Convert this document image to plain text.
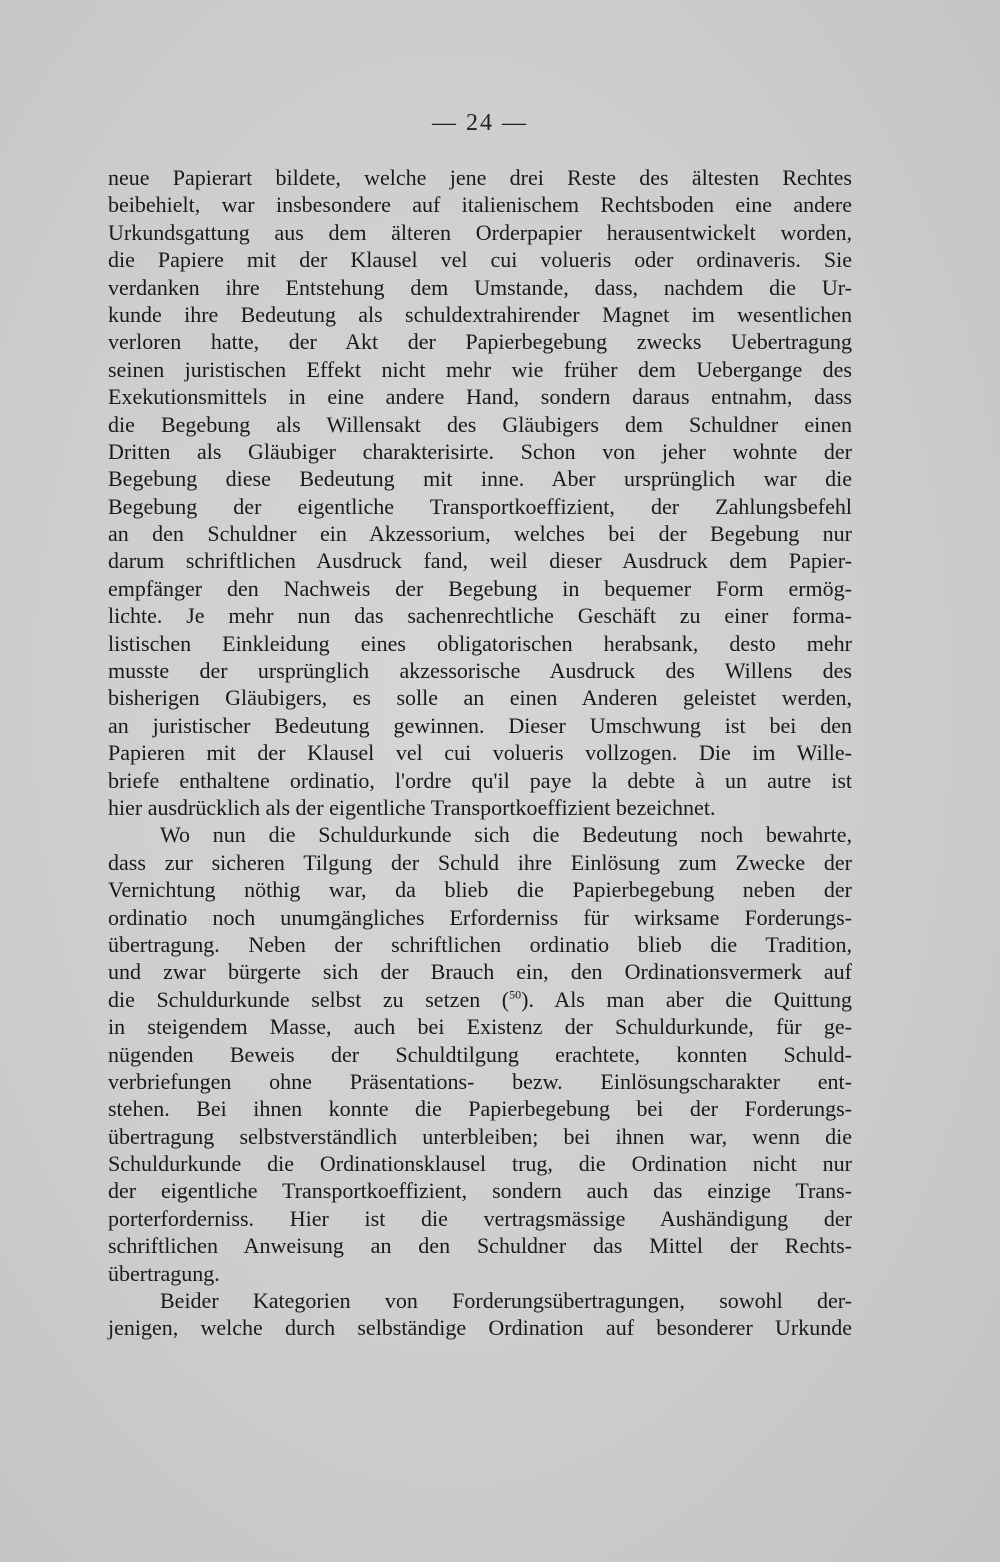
— 24 —
neue Papierart bildete, welche jene drei Reste des ältesten Rechtes
beibehielt, war insbesondere auf italienischem Rechtsboden eine andere
Urkundsgattung aus dem älteren Orderpapier herausentwickelt worden,
die Papiere mit der Klausel vel cui volueris oder ordinaveris. Sie
verdanken ihre Entstehung dem Umstande, dass, nachdem die Ur-
kunde ihre Bedeutung als schuldextrahirender Magnet im wesentlichen
verloren hatte, der Akt der Papierbegebung zwecks Uebertragung
seinen juristischen Effekt nicht mehr wie früher dem Uebergange des
Exekutionsmittels in eine andere Hand, sondern daraus entnahm, dass
die Begebung als Willensakt des Gläubigers dem Schuldner einen
Dritten als Gläubiger charakterisirte. Schon von jeher wohnte der
Begebung diese Bedeutung mit inne. Aber ursprünglich war die
Begebung der eigentliche Transportkoeffizient, der Zahlungsbefehl
an den Schuldner ein Akzessorium, welches bei der Begebung nur
darum schriftlichen Ausdruck fand, weil dieser Ausdruck dem Papier-
empfänger den Nachweis der Begebung in bequemer Form ermög-
lichte. Je mehr nun das sachenrechtliche Geschäft zu einer forma-
listischen Einkleidung eines obligatorischen herabsank, desto mehr
musste der ursprünglich akzessorische Ausdruck des Willens des
bisherigen Gläubigers, es solle an einen Anderen geleistet werden,
an juristischer Bedeutung gewinnen. Dieser Umschwung ist bei den
Papieren mit der Klausel vel cui volueris vollzogen. Die im Wille-
briefe enthaltene ordinatio, l'ordre qu'il paye la debte à un autre ist
hier ausdrücklich als der eigentliche Transportkoeffizient bezeichnet.
Wo nun die Schuldurkunde sich die Bedeutung noch bewahrte,
dass zur sicheren Tilgung der Schuld ihre Einlösung zum Zwecke der
Vernichtung nöthig war, da blieb die Papierbegebung neben der
ordinatio noch unumgängliches Erforderniss für wirksame Forderungs-
übertragung. Neben der schriftlichen ordinatio blieb die Tradition,
und zwar bürgerte sich der Brauch ein, den Ordinationsvermerk auf
die Schuldurkunde selbst zu setzen ($^{50}$). Als man aber die Quittung
in steigendem Masse, auch bei Existenz der Schuldurkunde, für ge-
nügenden Beweis der Schuldtilgung erachtete, konnten Schuld-
verbriefungen ohne Präsentations- bezw. Einlösungscharakter ent-
stehen. Bei ihnen konnte die Papierbegebung bei der Forderungs-
übertragung selbstverständlich unterbleiben; bei ihnen war, wenn die
Schuldurkunde die Ordinationsklausel trug, die Ordination nicht nur
der eigentliche Transportkoeffizient, sondern auch das einzige Trans-
porterforderniss. Hier ist die vertragsmässige Aushändigung der
schriftlichen Anweisung an den Schuldner das Mittel der Rechts-
übertragung.
Beider Kategorien von Forderungsübertragungen, sowohl der-
jenigen, welche durch selbständige Ordination auf besonderer Urkunde
